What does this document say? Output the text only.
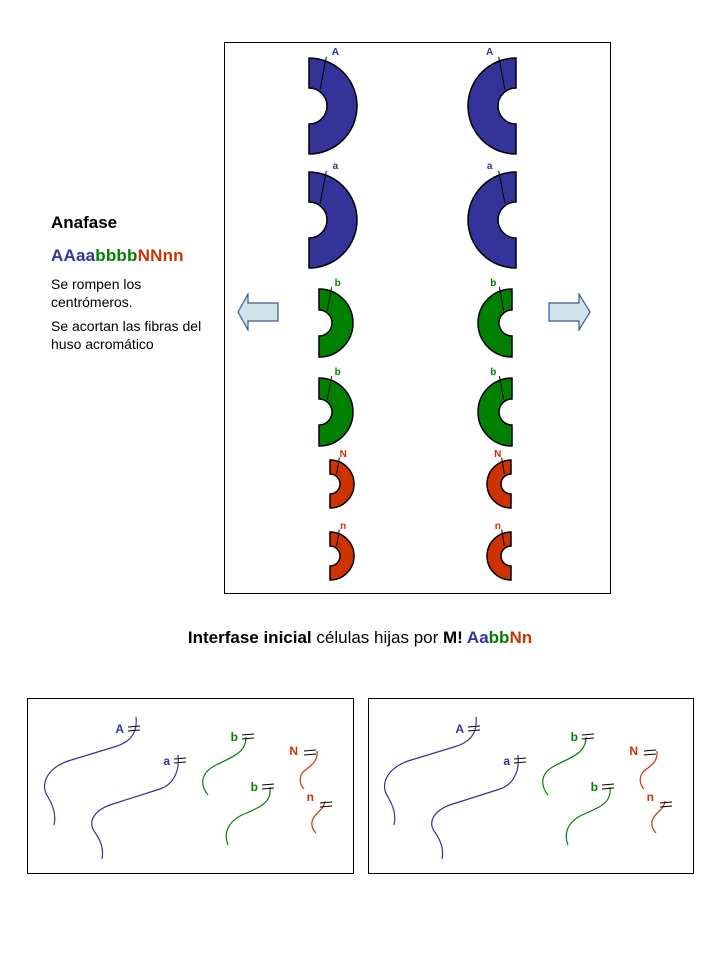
A	A
a	a
b	b
b	b
N	N
n	n
Anafase
AAaabbbbNNnn
Se rompen los centrómeros.
Se acortan las fibras del huso acromático
Interfase inicial células hijas por M! AabbNn
A
a
b
b
N
n
A
a
b
b
N
n
